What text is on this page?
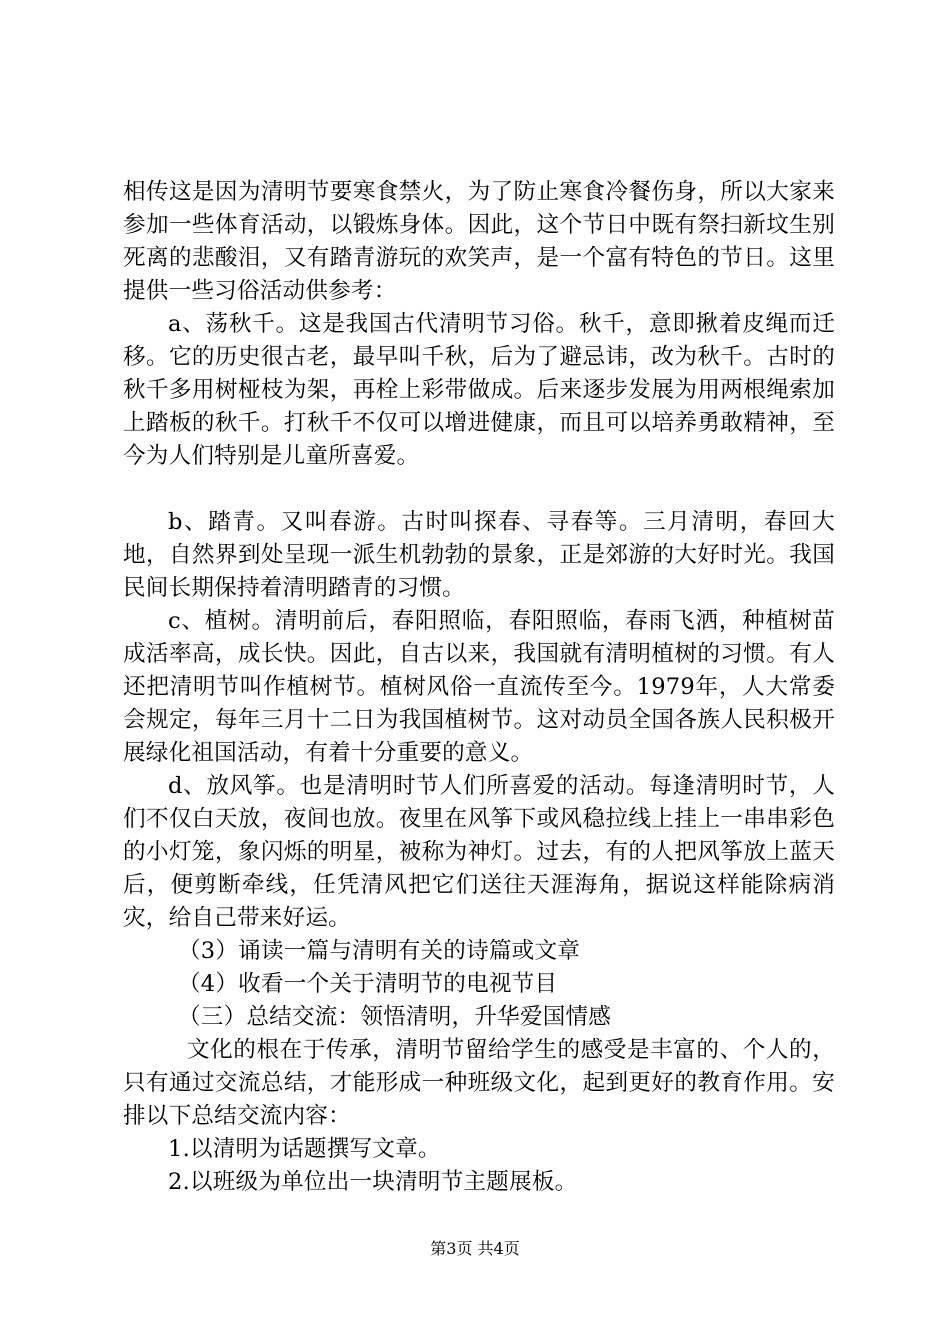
相传这是因为清明节要寒食禁火，为了防止寒食冷餐伤身，所以大家来参加一些体育活动，以锻炼身体。因此，这个节日中既有祭扫新坟生别死离的悲酸泪，又有踏青游玩的欢笑声，是一个富有特色的节日。这里提供一些习俗活动供参考：

a、荡秋千。这是我国古代清明节习俗。秋千，意即揪着皮绳而迁移。它的历史很古老，最早叫千秋，后为了避忌讳，改为秋千。古时的秋千多用树桠枝为架，再栓上彩带做成。后来逐步发展为用两根绳索加上踏板的秋千。打秋千不仅可以增进健康，而且可以培养勇敢精神，至今为人们特别是儿童所喜爱。

b、踏青。又叫春游。古时叫探春、寻春等。三月清明，春回大地，自然界到处呈现一派生机勃勃的景象，正是郊游的大好时光。我国民间长期保持着清明踏青的习惯。

c、植树。清明前后，春阳照临，春阳照临，春雨飞洒，种植树苗成活率高，成长快。因此，自古以来，我国就有清明植树的习惯。有人还把清明节叫作植树节。植树风俗一直流传至今。1979年，人大常委会规定，每年三月十二日为我国植树节。这对动员全国各族人民积极开展绿化祖国活动，有着十分重要的意义。

d、放风筝。也是清明时节人们所喜爱的活动。每逢清明时节，人们不仅白天放，夜间也放。夜里在风筝下或风稳拉线上挂上一串串彩色的小灯笼，象闪烁的明星，被称为神灯。过去，有的人把风筝放上蓝天后，便剪断牵线，任凭清风把它们送往天涯海角，据说这样能除病消灾，给自己带来好运。

（3）诵读一篇与清明有关的诗篇或文章

（4）收看一个关于清明节的电视节目

（三）总结交流：领悟清明，升华爱国情感

文化的根在于传承，清明节留给学生的感受是丰富的、个人的，只有通过交流总结，才能形成一种班级文化，起到更好的教育作用。安排以下总结交流内容：

1.以清明为话题撰写文章。

2.以班级为单位出一块清明节主题展板。

第3页 共4页
